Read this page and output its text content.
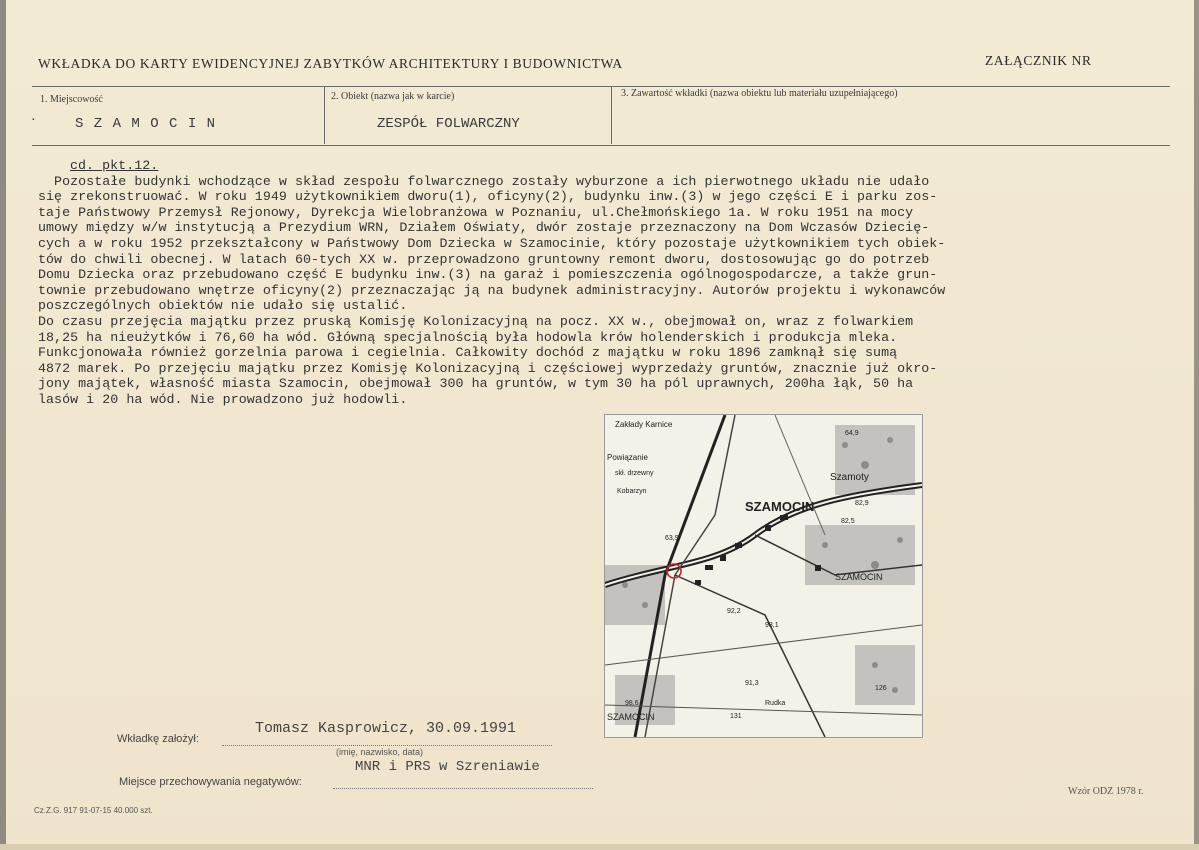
WKŁADKA DO KARTY EWIDENCYJNEJ ZABYTKÓW ARCHITEKTURY I BUDOWNICTWA	ZAŁĄCZNIK NR
1. Miejscowość
·	S Z A M O C I N
2. Obiekt (nazwa jak w karcie)
ZESPÓŁ FOLWARCZNY
3. Zawartość wkładki (nazwa obiektu lub materiału uzupełniającego)
cd. pkt.12.
Pozostałe budynki wchodzące w skład zespołu folwarcznego zostały wyburzone a ich pierwotnego układu nie udało
się zrekonstruować. W roku 1949 użytkownikiem dworu(1), oficyny(2), budynku inw.(3) w jego części E i parku zos-
taje Państwowy Przemysł Rejonowy, Dyrekcja Wielobranżowa w Poznaniu, ul.Chełmońskiego 1a. W roku 1951 na mocy
umowy między w/w instytucją a Prezydium WRN, Działem Oświaty, dwór zostaje przeznaczony na Dom Wczasów Dziecię-
cych a w roku 1952 przekształcony w Państwowy Dom Dziecka w Szamocinie, który pozostaje użytkownikiem tych obiek-
tów do chwili obecnej. W latach 60-tych XX w. przeprowadzono gruntowny remont dworu, dostosowując go do potrzeb
Domu Dziecka oraz przebudowano część E budynku inw.(3) na garaż i pomieszczenia ogólnogospodarcze, a także grun-
townie przebudowano wnętrze oficyny(2) przeznaczając ją na budynek administracyjny. Autorów projektu i wykonawców
poszczególnych obiektów nie udało się ustalić.
Do czasu przejęcia majątku przez pruską Komisję Kolonizacyjną na pocz. XX w., obejmował on, wraz z folwarkiem
18,25 ha nieużytków i 76,60 ha wód. Główną specjalnością była hodowla krów holenderskich i produkcja mleka.
Funkcjonowała również gorzelnia parowa i cegielnia. Całkowity dochód z majątku w roku 1896 zamknął się sumą
4872 marek. Po przejęciu majątku przez Komisję Kolonizacyjną i częściowej wyprzedaży gruntów, znacznie już okro-
jony majątek, własność miasta Szamocin, obejmował 300 ha gruntów, w tym 30 ha pól uprawnych, 200ha łąk, 50 ha
lasów i 20 ha wód. Nie prowadzono już hodowli.
Zakłady Karnice
Powiązanie
skł. drzewny
Kobarzyn
SZAMOCIN
Szamoty
SZAMOCIN
SZAMOCIN
63,9
64,9
82,9
82,5
92,2
98,1
91,3
98,6
126
131
Rudka
Wkładkę założył:
Tomasz Kasprowicz, 30.09.1991
(imię, nazwisko, data)
Miejsce przechowywania negatywów:
MNR i PRS w Szreniawie
Cz.Z.G. 917 91-07-15 40.000 szt.
Wzór ODZ 1978 r.
